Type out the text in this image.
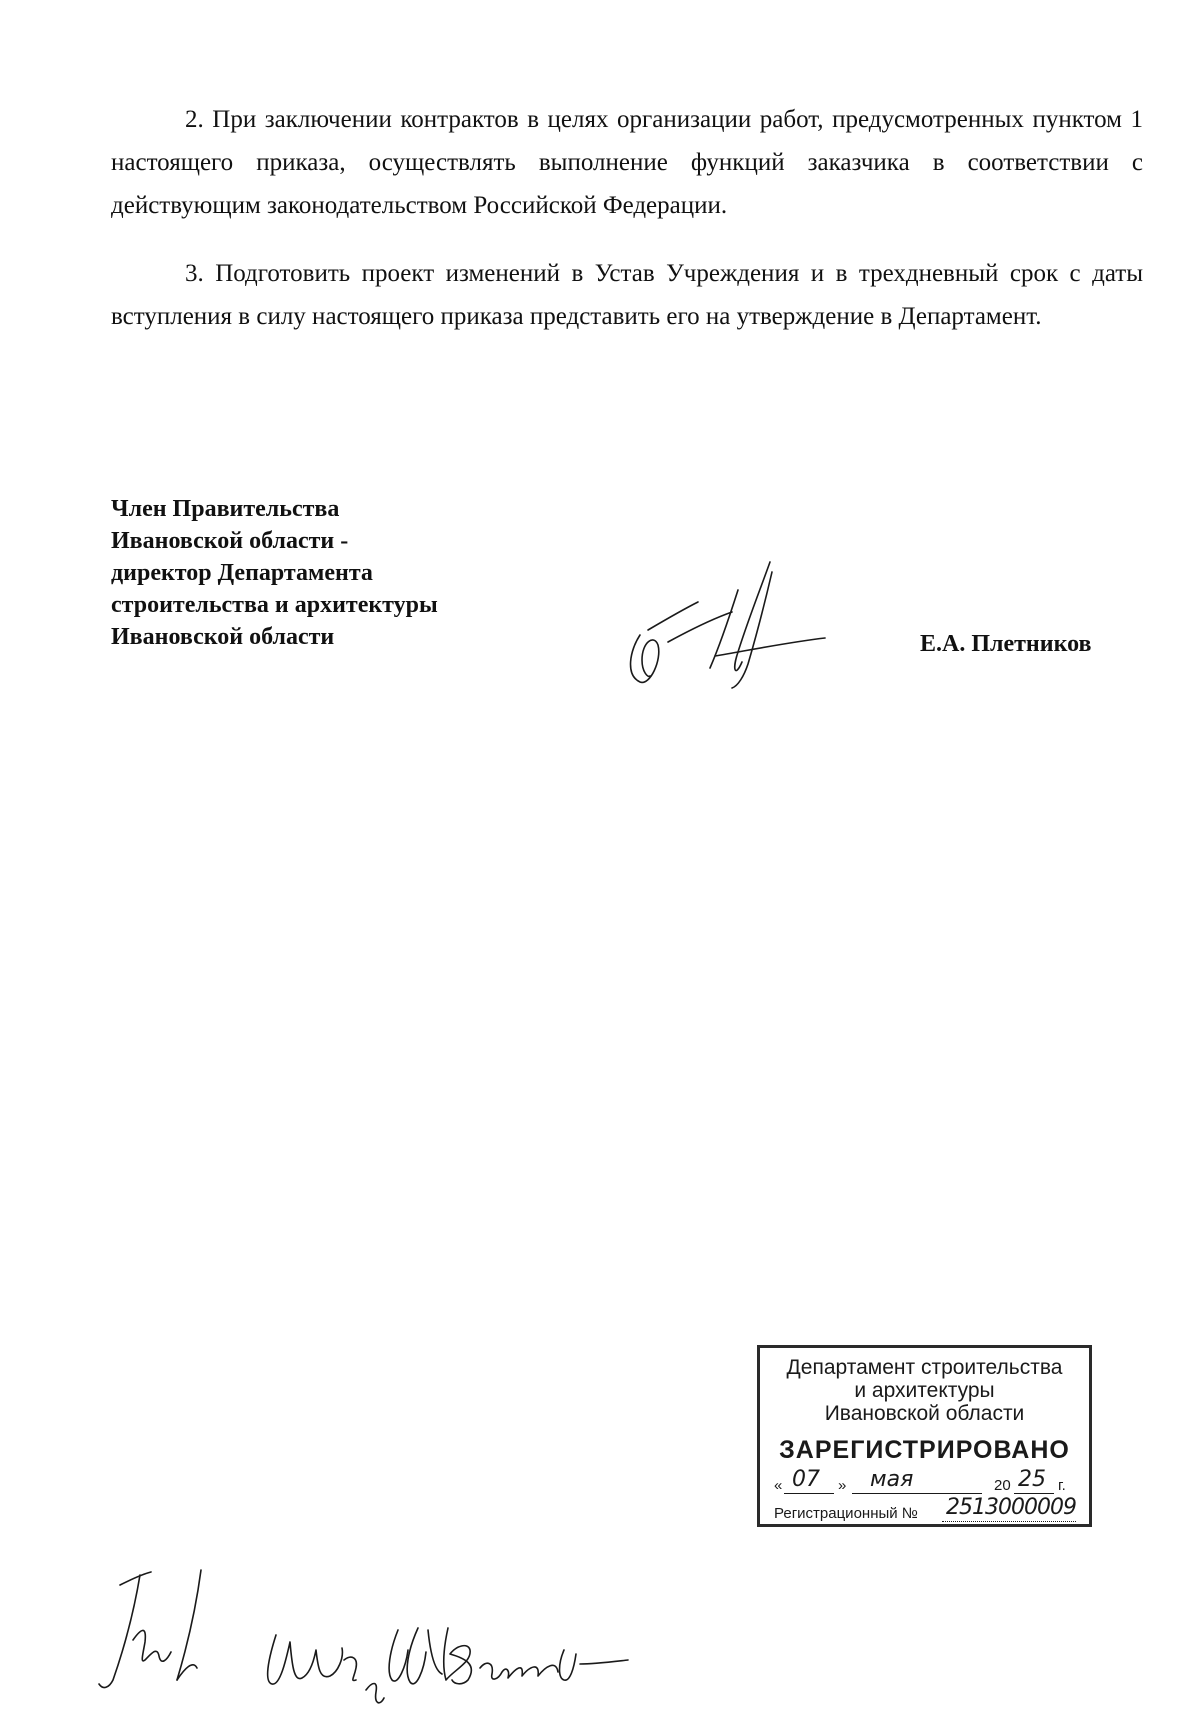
2. При заключении контрактов в целях организации работ, предусмотренных пунктом 1 настоящего приказа, осуществлять выполнение функций заказчика в соответствии с действующим законодательством Российской Федерации.

3. Подготовить проект изменений в Устав Учреждения и в трехдневный срок с даты вступления в силу настоящего приказа представить его на утверждение в Департамент.

Член Правительства
Ивановской области -
директор Департамента
строительства и архитектуры
Ивановской области	Е.А. Плетников
Департамент строительства
и архитектуры
Ивановской области
ЗАРЕГИСТРИРОВАНО
« 07 » мая	20 25 г.
Регистрационный № 2513000009
